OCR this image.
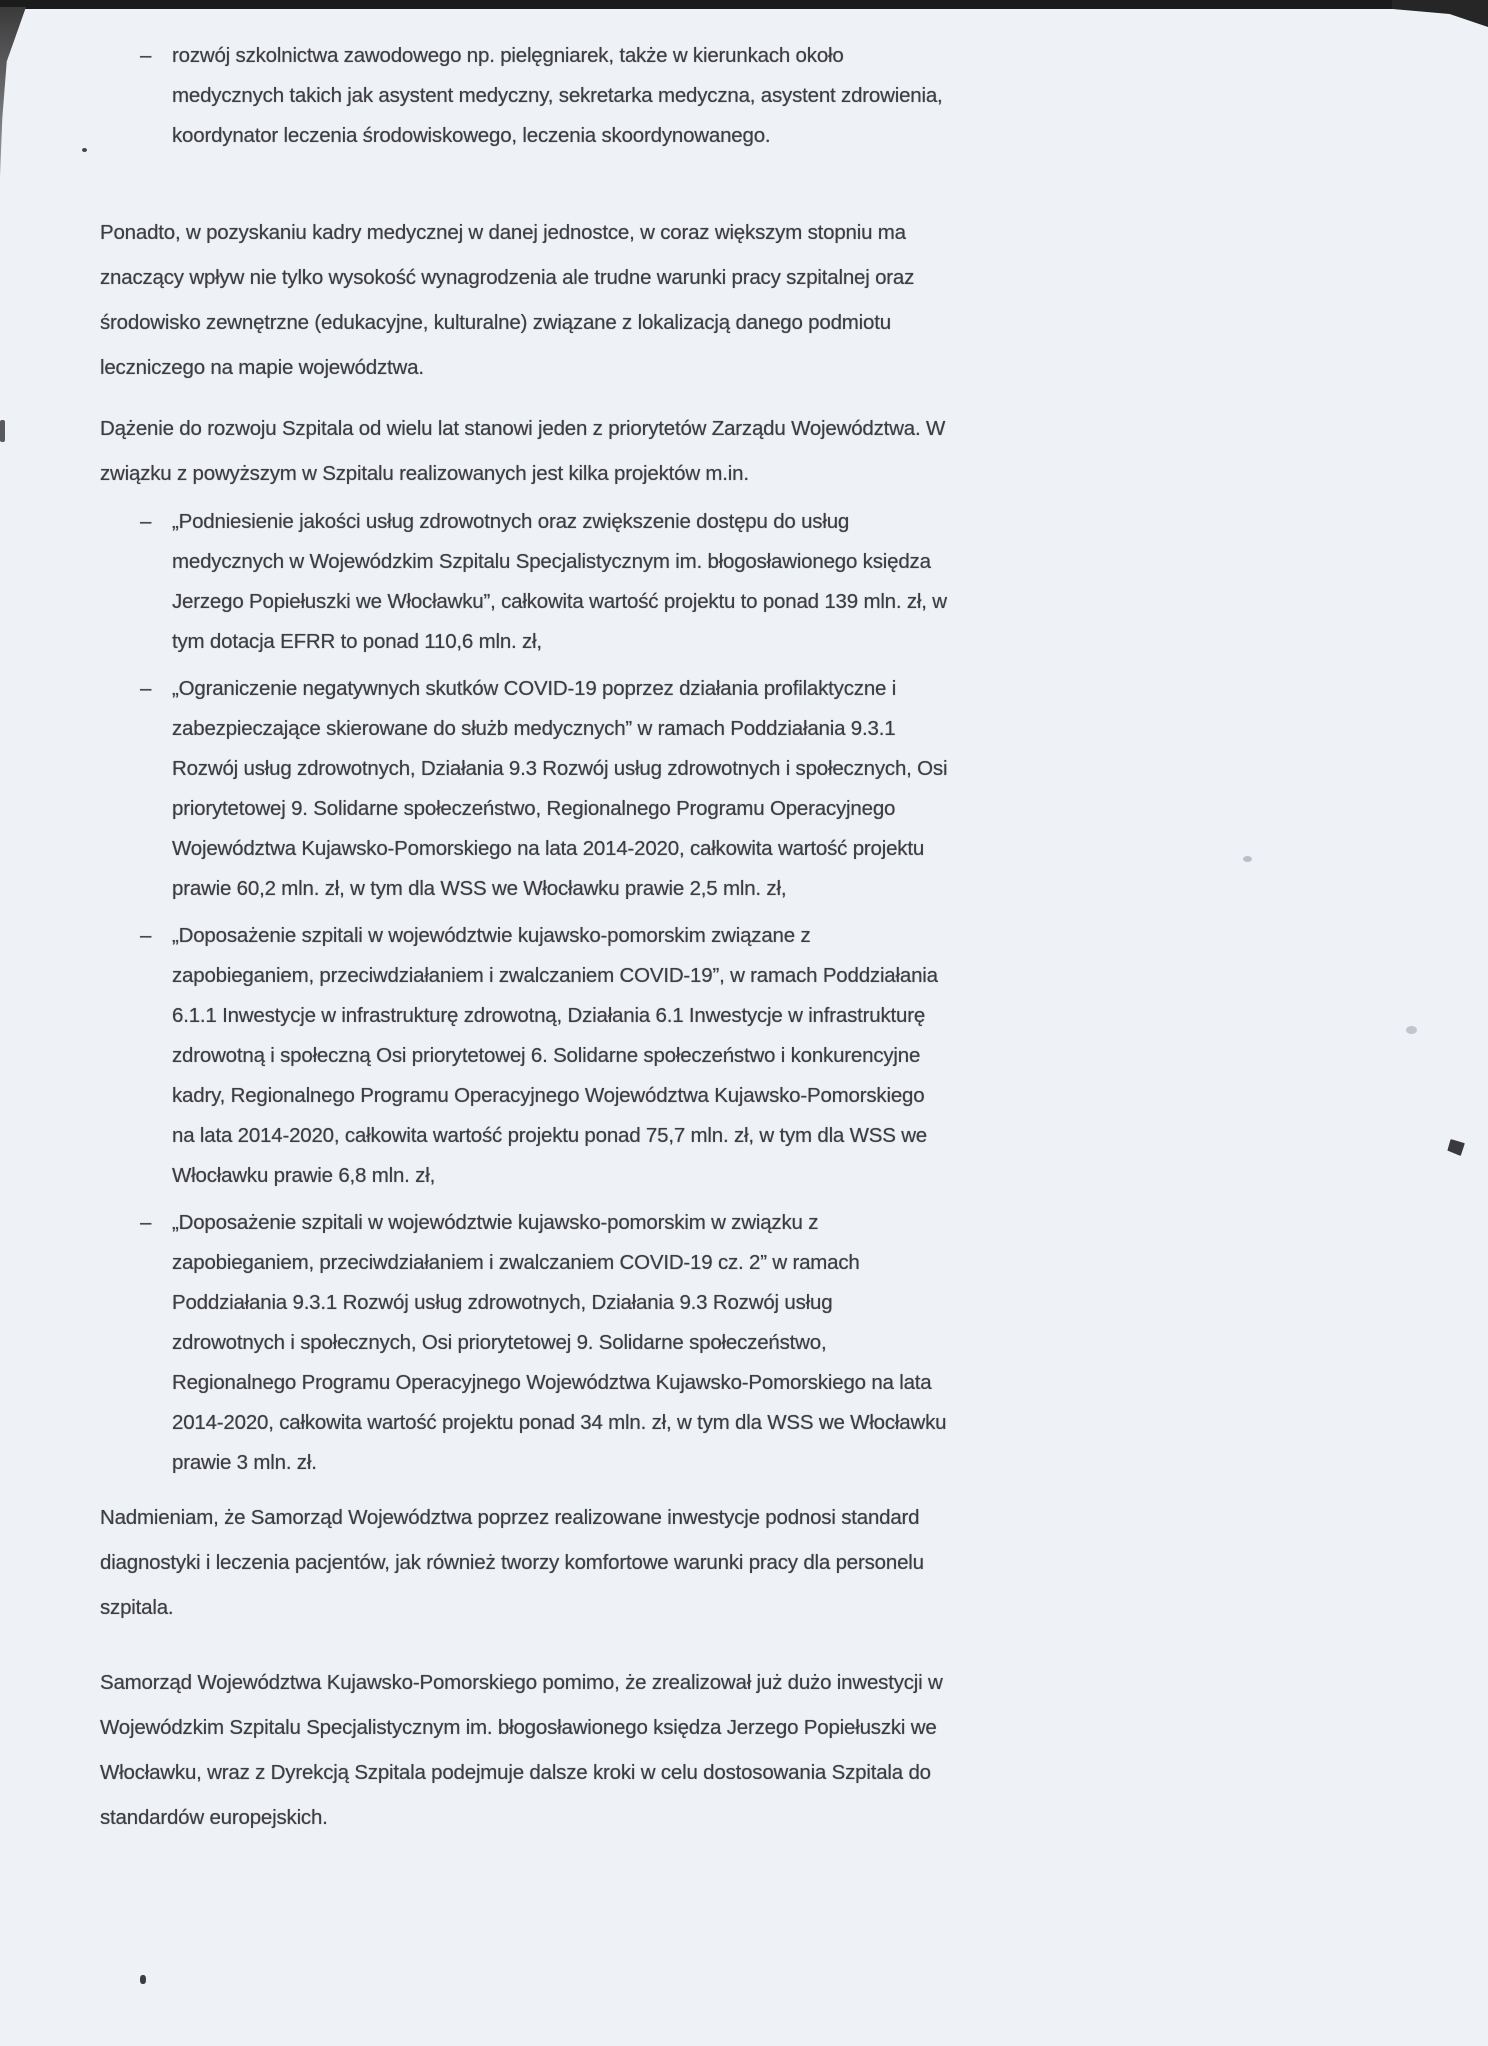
–	rozwój szkolnictwa zawodowego np. pielęgniarek, także w kierunkach około medycznych takich jak asystent medyczny, sekretarka medyczna, asystent zdrowienia, koordynator leczenia środowiskowego, leczenia skoordynowanego.

Ponadto, w pozyskaniu kadry medycznej w danej jednostce, w coraz większym stopniu ma znaczący wpływ nie tylko wysokość wynagrodzenia ale trudne warunki pracy szpitalnej oraz środowisko zewnętrzne (edukacyjne, kulturalne) związane z lokalizacją danego podmiotu leczniczego na mapie województwa.

Dążenie do rozwoju Szpitala od wielu lat stanowi jeden z priorytetów Zarządu Województwa. W związku z powyższym w Szpitalu realizowanych jest kilka projektów m.in.

–	„Podniesienie jakości usług zdrowotnych oraz zwiększenie dostępu do usług medycznych w Wojewódzkim Szpitalu Specjalistycznym im. błogosławionego księdza Jerzego Popiełuszki we Włocławku”, całkowita wartość projektu to ponad 139 mln. zł, w tym dotacja EFRR to ponad 110,6 mln. zł,
–	„Ograniczenie negatywnych skutków COVID-19 poprzez działania profilaktyczne i zabezpieczające skierowane do służb medycznych” w ramach Poddziałania 9.3.1 Rozwój usług zdrowotnych, Działania 9.3 Rozwój usług zdrowotnych i społecznych, Osi priorytetowej 9. Solidarne społeczeństwo, Regionalnego Programu Operacyjnego Województwa Kujawsko-Pomorskiego na lata 2014-2020, całkowita wartość projektu prawie 60,2 mln. zł, w tym dla WSS we Włocławku prawie 2,5 mln. zł,
–	„Doposażenie szpitali w województwie kujawsko-pomorskim związane z zapobieganiem, przeciwdziałaniem i zwalczaniem COVID-19”, w ramach Poddziałania 6.1.1 Inwestycje w infrastrukturę zdrowotną, Działania 6.1 Inwestycje w infrastrukturę zdrowotną i społeczną Osi priorytetowej 6. Solidarne społeczeństwo i konkurencyjne kadry, Regionalnego Programu Operacyjnego Województwa Kujawsko-Pomorskiego na lata 2014-2020, całkowita wartość projektu ponad 75,7 mln. zł, w tym dla WSS we Włocławku prawie 6,8 mln. zł,
–	„Doposażenie szpitali w województwie kujawsko-pomorskim w związku z zapobieganiem, przeciwdziałaniem i zwalczaniem COVID-19 cz. 2” w ramach Poddziałania 9.3.1 Rozwój usług zdrowotnych, Działania 9.3 Rozwój usług zdrowotnych i społecznych, Osi priorytetowej 9. Solidarne społeczeństwo, Regionalnego Programu Operacyjnego Województwa Kujawsko-Pomorskiego na lata 2014-2020, całkowita wartość projektu ponad 34 mln. zł, w tym dla WSS we Włocławku prawie 3 mln. zł.

Nadmieniam, że Samorząd Województwa poprzez realizowane inwestycje podnosi standard diagnostyki i leczenia pacjentów, jak również tworzy komfortowe warunki pracy dla personelu szpitala.

Samorząd Województwa Kujawsko-Pomorskiego pomimo, że zrealizował już dużo inwestycji w Wojewódzkim Szpitalu Specjalistycznym im. błogosławionego księdza Jerzego Popiełuszki we Włocławku, wraz z Dyrekcją Szpitala podejmuje dalsze kroki w celu dostosowania Szpitala do standardów europejskich.
